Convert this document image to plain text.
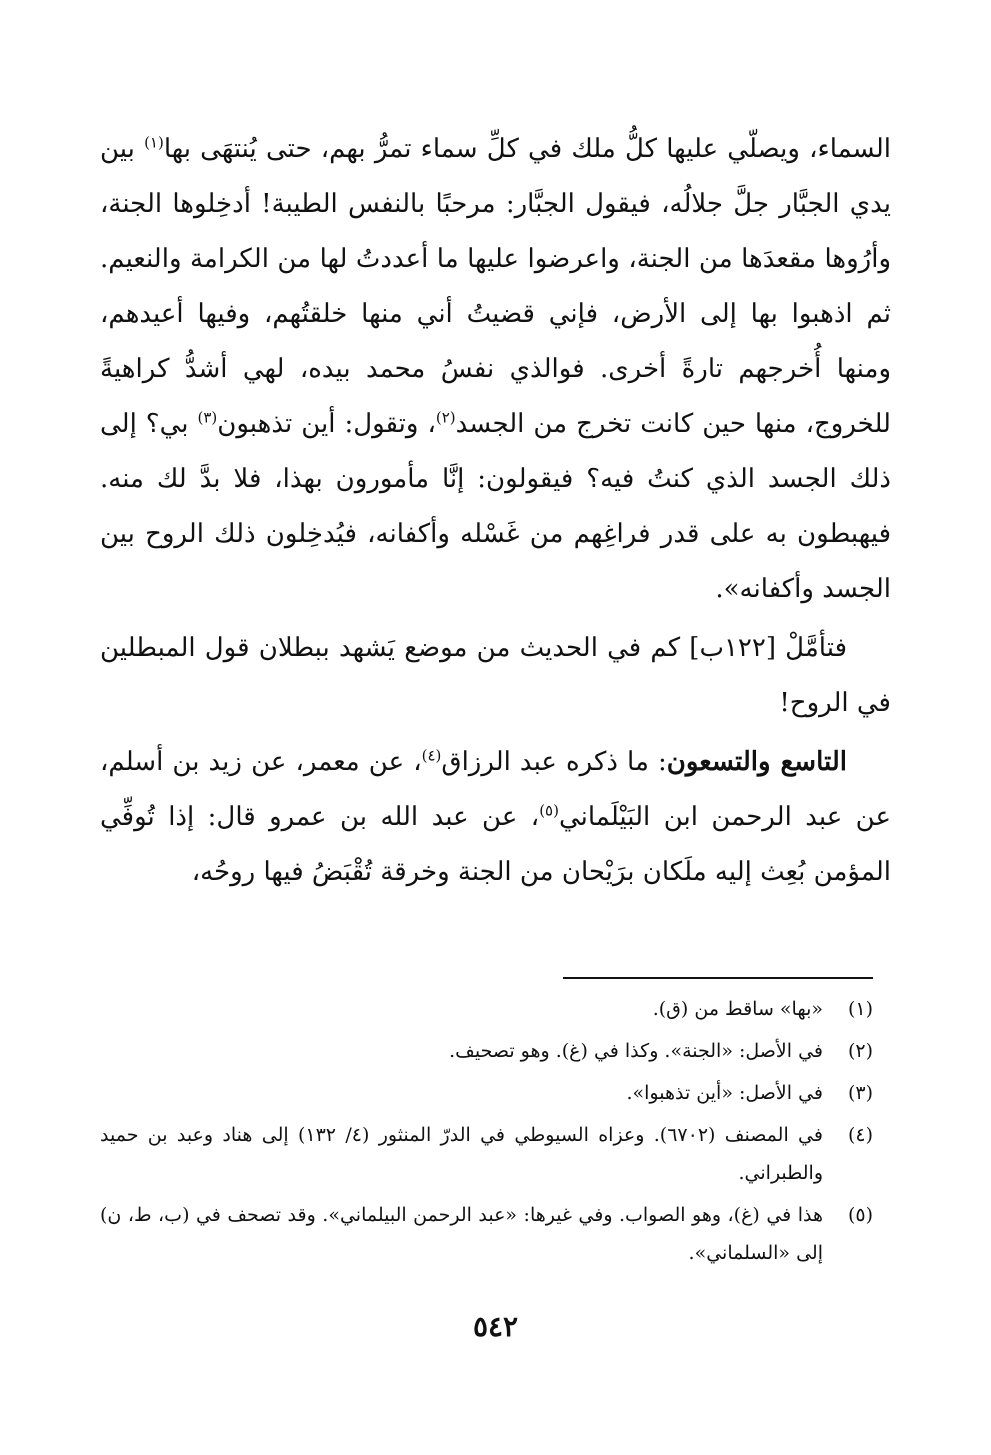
السماء، ويصلّي عليها كلُّ ملك في كلِّ سماء تمرُّ بهم، حتى يُنتهَى بها$^{(١)}$ بين يدي الجبَّار جلَّ جلالُه، فيقول الجبَّار: مرحبًا بالنفس الطيبة! أدخِلوها الجنة، وأرُوها مقعدَها من الجنة، واعرضوا عليها ما أعددتُ لها من الكرامة والنعيم. ثم اذهبوا بها إلى الأرض، فإني قضيتُ أني منها خلقتُهم، وفيها أعيدهم، ومنها أُخرجهم تارةً أخرى. فوالذي نفسُ محمد بيده، لهي أشدُّ كراهيةً للخروج، منها حين كانت تخرج من الجسد$^{(٢)}$، وتقول: أين تذهبون$^{(٣)}$ بي؟ إلى ذلك الجسد الذي كنتُ فيه؟ فيقولون: إنَّا مأمورون بهذا، فلا بدَّ لك منه. فيهبطون به على قدر فراغِهم من غَسْله وأكفانه، فيُدخِلون ذلك الروح بين الجسد وأكفانه».

فتأمَّلْ [١٢٢ب] كم في الحديث من موضع يَشهد ببطلان قول المبطلين في الروح!

التاسع والتسعون: ما ذكره عبد الرزاق$^{(٤)}$، عن معمر، عن زيد بن أسلم، عن عبد الرحمن ابن البَيْلَماني$^{(٥)}$، عن عبد الله بن عمرو قال: إذا تُوفِّي المؤمن بُعِث إليه ملَكان برَيْحان من الجنة وخرقة تُقْبَضُ فيها روحُه،

(١)
«بها» ساقط من (ق).
(٢)
في الأصل: «الجنة». وكذا في (غ). وهو تصحيف.
(٣)
في الأصل: «أين تذهبوا».
(٤)
في المصنف (٦٧٠٢). وعزاه السيوطي في الدرّ المنثور (٤/ ١٣٢) إلى هناد وعبد بن حميد والطبراني.
(٥)
هذا في (غ)، وهو الصواب. وفي غيرها: «عبد الرحمن البيلماني». وقد تصحف في (ب، ط، ن) إلى «السلماني».
٥٤٢
